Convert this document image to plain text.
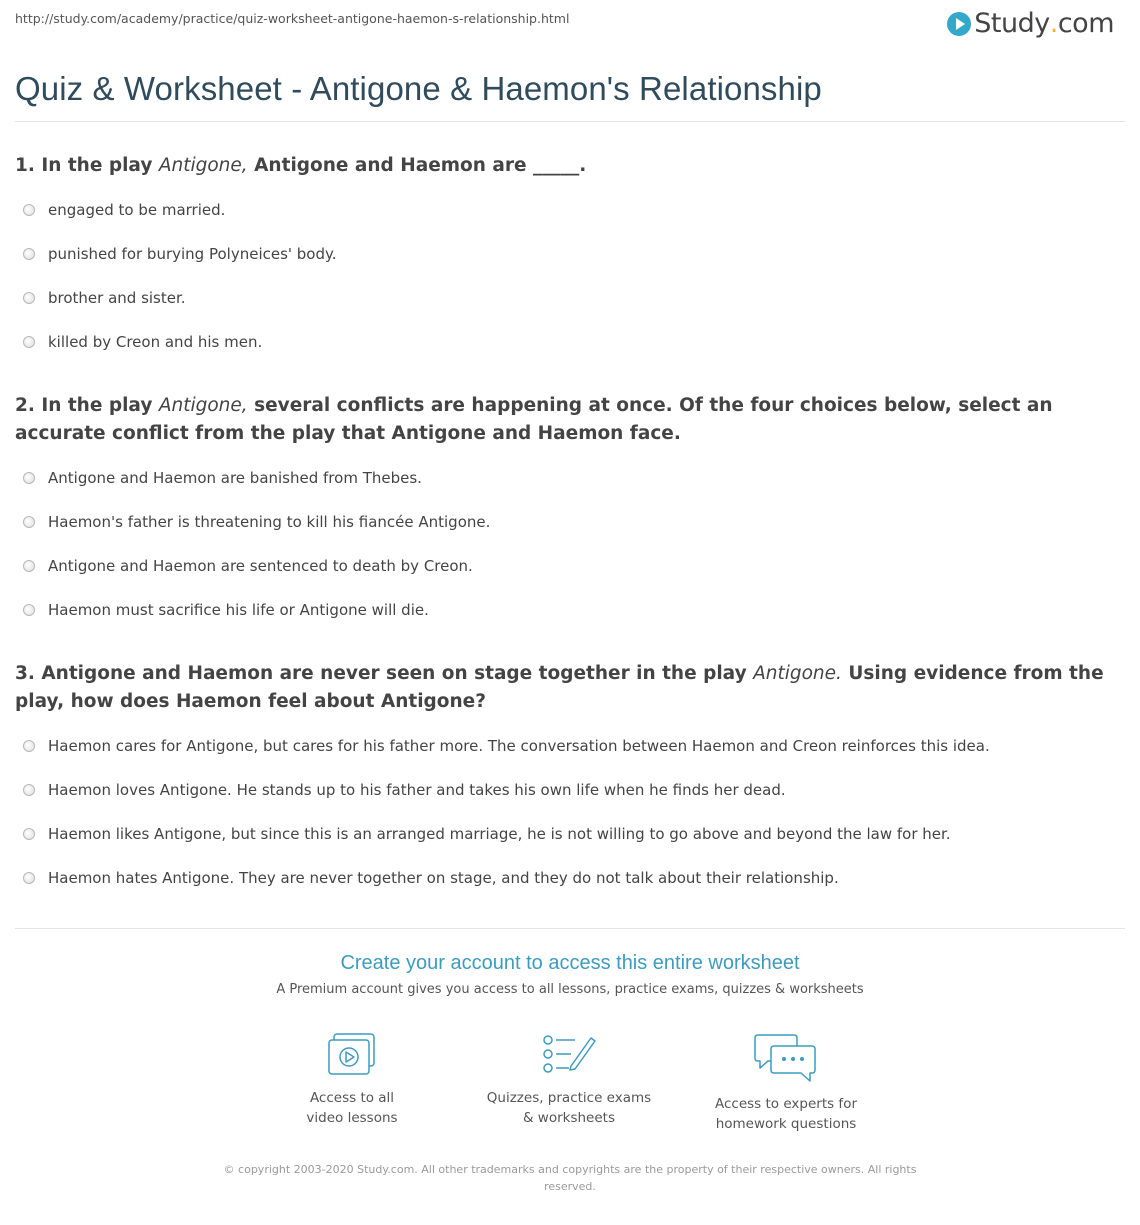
http://study.com/academy/practice/quiz-worksheet-antigone-haemon-s-relationship.html	Study . com
Quiz & Worksheet - Antigone & Haemon's Relationship

1. In the play Antigone, Antigone and Haemon are _____.

engaged to be married.
punished for burying Polyneices' body.
brother and sister.
killed by Creon and his men.

2. In the play Antigone, several conflicts are happening at once. Of the four choices below, select an accurate conflict from the play that Antigone and Haemon face.

Antigone and Haemon are banished from Thebes.
Haemon's father is threatening to kill his fiancée Antigone.
Antigone and Haemon are sentenced to death by Creon.
Haemon must sacrifice his life or Antigone will die.

3. Antigone and Haemon are never seen on stage together in the play Antigone. Using evidence from the play, how does Haemon feel about Antigone?

Haemon cares for Antigone, but cares for his father more. The conversation between Haemon and Creon reinforces this idea.
Haemon loves Antigone. He stands up to his father and takes his own life when he finds her dead.
Haemon likes Antigone, but since this is an arranged marriage, he is not willing to go above and beyond the law for her.
Haemon hates Antigone. They are never together on stage, and they do not talk about their relationship.
Create your account to access this entire worksheet
A Premium account gives you access to all lessons, practice exams, quizzes & worksheets
Access to all
video lessons
Quizzes, practice exams
& worksheets
Access to experts for
homework questions
© copyright 2003-2020 Study.com. All other trademarks and copyrights are the property of their respective owners. All rights reserved.
